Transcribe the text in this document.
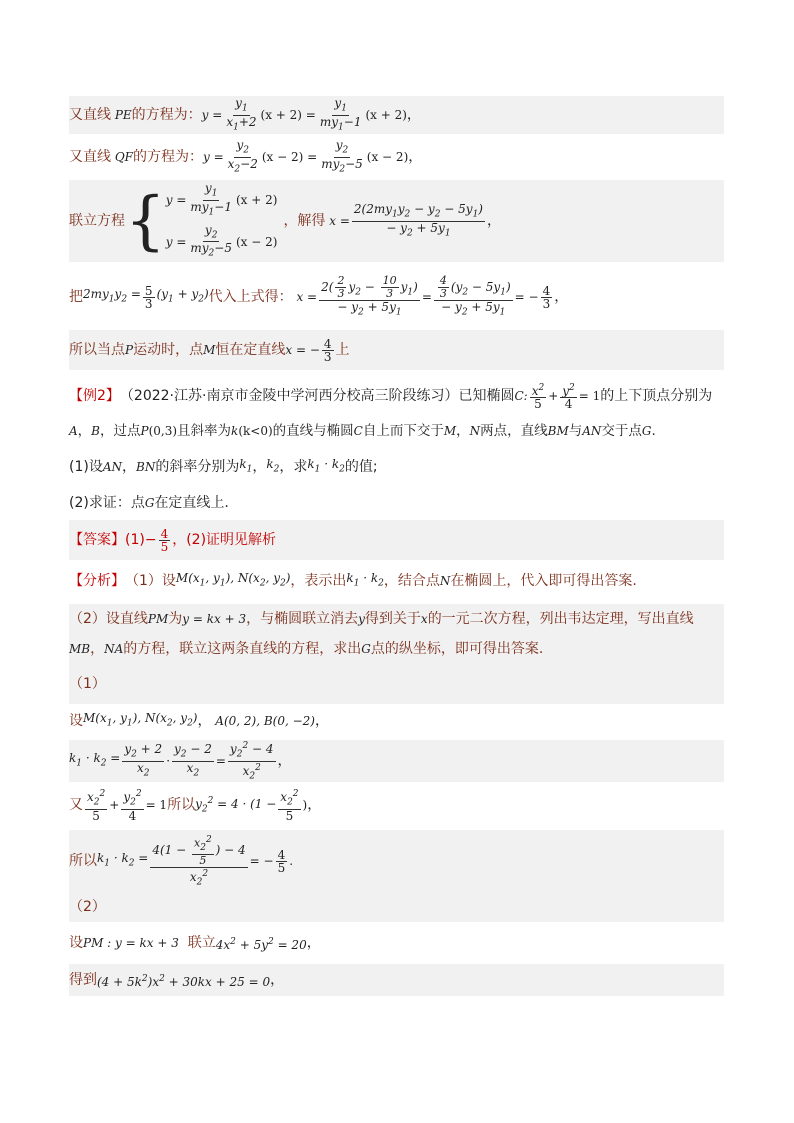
又直线 PE 的方程为： $y = \frac{y_1}{x_1+2} (x + 2) = \frac{y_1}{my_1-1} (x + 2)$ ，
又直线 QF 的方程为： $y = \frac{y_2}{x_2-2} (x - 2) = \frac{y_2}{my_2-5} (x - 2)$ ，
联立方程 { $y = \frac{y_1}{my_1-1} (x + 2)$
$y = \frac{y_2}{my_2-5} (x - 2)$
，解得 $x = \frac{2(2my_1y_2 - y_2 - 5y_1)}{- y_2 + 5y_1}$ ，
把 $2my_1y_2 = \frac{5}{3} (y_1 + y_2)$ 代入上式得： $x = \frac{2( \frac{2}{3} y_2 - \frac{10}{3} y_1)}{- y_2 + 5y_1} = \frac{\frac{4}{3} (y_2 - 5y_1)}{- y_2 + 5y_1}$ = − $\frac{4}{3}$ ，
所以当点 P 运动时，点 M 恒在定直线 x = − $\frac{4}{3}$ 上
【例2】 （2022·江苏·南京市金陵中学河西分校高三阶段练习）已知椭圆 C: $\frac{x^2}{5} + \frac{y^2}{4} = 1$ 的上下顶点分别为
A ， B ，过点 P (0,3) 且斜率为 k (k<0) 的直线与椭圆 C 自上而下交于 M ， N 两点，直线 BM 与 AN 交于点 G .
(1)设 AN ， BN 的斜率分别为 $k_1$ ， $k_2$ ，求 $k_1 \cdot k_2$ 的值;
(2)求证：点 G 在定直线上.
【答案】 $(1)- \frac{4}{5}$ ，(2)证明见解析
【分析】 （1）设 $M(x_1$, $y_1$), $N(x_2$, $y_2$) ，表示出 $k_1 \cdot k_2$ ，结合点 N 在椭圆上，代入即可得出答案.
（2）设直线 PM 为 y = kx + 3 ，与椭圆联立消去 y 得到关于 x 的一元二次方程，列出韦达定理，写出直线
MB ， NA 的方程，联立这两条直线的方程，求出 G 点的纵坐标，即可得出答案.
（1）
设 $M(x_1$, $y_1$), $N(x_2$, $y_2$) ， A(0, 2), B(0, −2) ，
$k_1 \cdot k_2 = \frac{y_2 + 2}{x_2} \cdot \frac{y_2 - 2}{x_2} = \frac{y_2^2 - 4}{x_2^2}$ ，
又 $\frac{x_2^2}{5} + \frac{y_2^2}{4} = 1$ 所以 $y_2^2 = 4 \cdot (1 - \frac{x_2^2}{5}$ ) ，
所以 $k_1 \cdot k_2 = \frac{4(1 - \frac{x_2^2}{5} ) - 4}{x_2^2}$ = − $\frac{4}{5}$ .
（2）
设 PM : y = kx + 3 联立 $4x^2 + 5y^2 = 20$ ，
得到 $(4 + 5k^2)x^2 + 30kx + 25 = 0$ ，
